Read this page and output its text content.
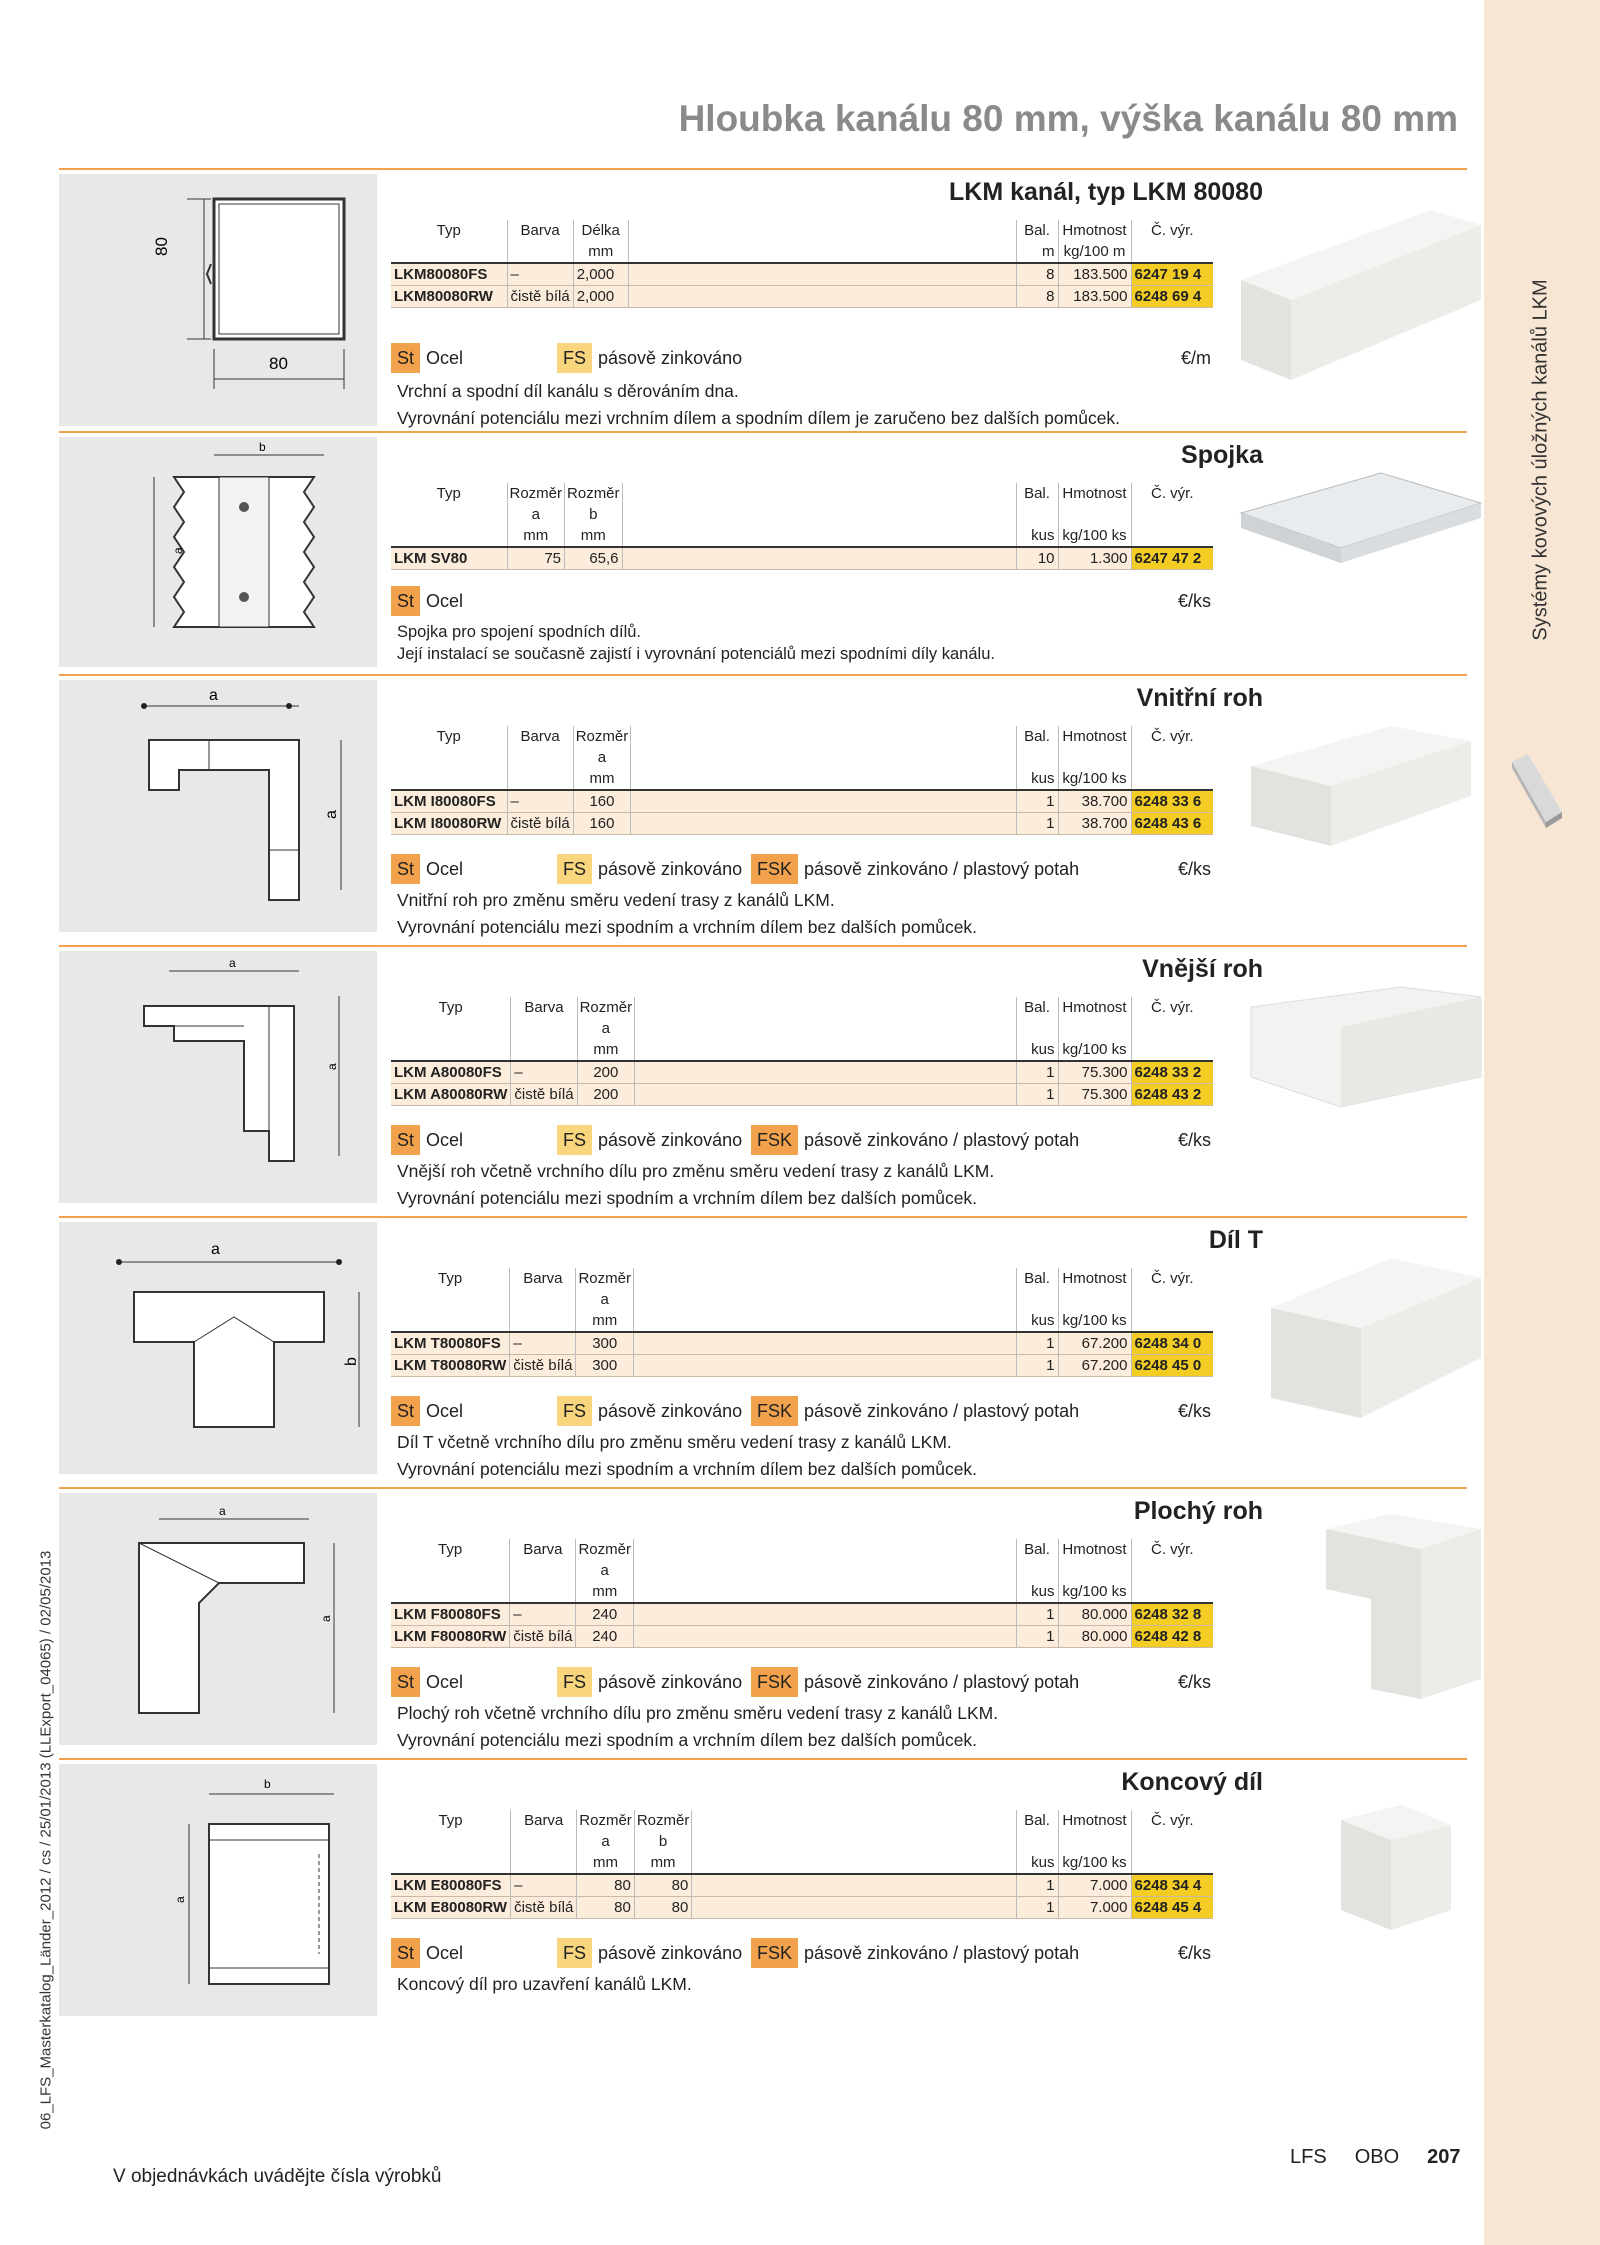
Systémy kovových úložných kanálů LKM
06_LFS_Masterkatalog_Länder_2012 / cs / 25/01/2013 (LLExport_04065) / 02/05/2013
Hloubka kanálu 80 mm, výška kanálu 80 mm
80
80
LKM kanál, typ LKM 80080
Typ	Barva	Délka		Bal.	Hmotnost	Č. výr.
		mm		m	kg/100 m	
LKM80080FS	–	2,000		8	183.500	6247 19 4
LKM80080RW	čistě bílá	2,000		8	183.500	6248 69 4
St Ocel	FS pásově zinkováno	€/m
Vrchní a spodní díl kanálu s děrováním dna.
Vyrovnání potenciálu mezi vrchním dílem a spodním dílem je zaručeno bez dalších pomůcek.
b
a
Spojka
Typ	Rozměr a	Rozměr b		Bal.	Hmotnost	Č. výr.
	mm	mm		kus	kg/100 ks	
LKM SV80	75	65,6		10	1.300	6247 47 2
St Ocel	€/ks
Spojka pro spojení spodních dílů.
Její instalací se současně zajistí i vyrovnání potenciálů mezi spodními díly kanálu.
a
a
Vnitřní roh
Typ	Barva	Rozměr a		Bal.	Hmotnost	Č. výr.
		mm		kus	kg/100 ks	
LKM I80080FS	–	160		1	38.700	6248 33 6
LKM I80080RW	čistě bílá	160		1	38.700	6248 43 6
St Ocel	FS pásově zinkováno FSK pásově zinkováno / plastový potah	€/ks
Vnitřní roh pro změnu směru vedení trasy z kanálů LKM.
Vyrovnání potenciálu mezi spodním a vrchním dílem bez dalších pomůcek.
a
a
Vnější roh
Typ	Barva	Rozměr a		Bal.	Hmotnost	Č. výr.
		mm		kus	kg/100 ks	
LKM A80080FS	–	200		1	75.300	6248 33 2
LKM A80080RW	čistě bílá	200		1	75.300	6248 43 2
St Ocel	FS pásově zinkováno FSK pásově zinkováno / plastový potah	€/ks
Vnější roh včetně vrchního dílu pro změnu směru vedení trasy z kanálů LKM.
Vyrovnání potenciálu mezi spodním a vrchním dílem bez dalších pomůcek.
a
b
Díl T
Typ	Barva	Rozměr a		Bal.	Hmotnost	Č. výr.
		mm		kus	kg/100 ks	
LKM T80080FS	–	300		1	67.200	6248 34 0
LKM T80080RW	čistě bílá	300		1	67.200	6248 45 0
St Ocel	FS pásově zinkováno FSK pásově zinkováno / plastový potah	€/ks
Díl T včetně vrchního dílu pro změnu směru vedení trasy z kanálů LKM.
Vyrovnání potenciálu mezi spodním a vrchním dílem bez dalších pomůcek.
a
a
Plochý roh
Typ	Barva	Rozměr a		Bal.	Hmotnost	Č. výr.
		mm		kus	kg/100 ks	
LKM F80080FS	–	240		1	80.000	6248 32 8
LKM F80080RW	čistě bílá	240		1	80.000	6248 42 8
St Ocel	FS pásově zinkováno FSK pásově zinkováno / plastový potah	€/ks
Plochý roh včetně vrchního dílu pro změnu směru vedení trasy z kanálů LKM.
Vyrovnání potenciálu mezi spodním a vrchním dílem bez dalších pomůcek.
b
a
Koncový díl
Typ	Barva	Rozměr a	Rozměr b		Bal.	Hmotnost	Č. výr.
		mm	mm		kus	kg/100 ks	
LKM E80080FS	–	80	80		1	7.000	6248 34 4
LKM E80080RW	čistě bílá	80	80		1	7.000	6248 45 4
St Ocel	FS pásově zinkováno FSK pásově zinkováno / plastový potah	€/ks
Koncový díl pro uzavření kanálů LKM.
V objednávkách uvádějte čísla výrobků
LFS OBO 207
